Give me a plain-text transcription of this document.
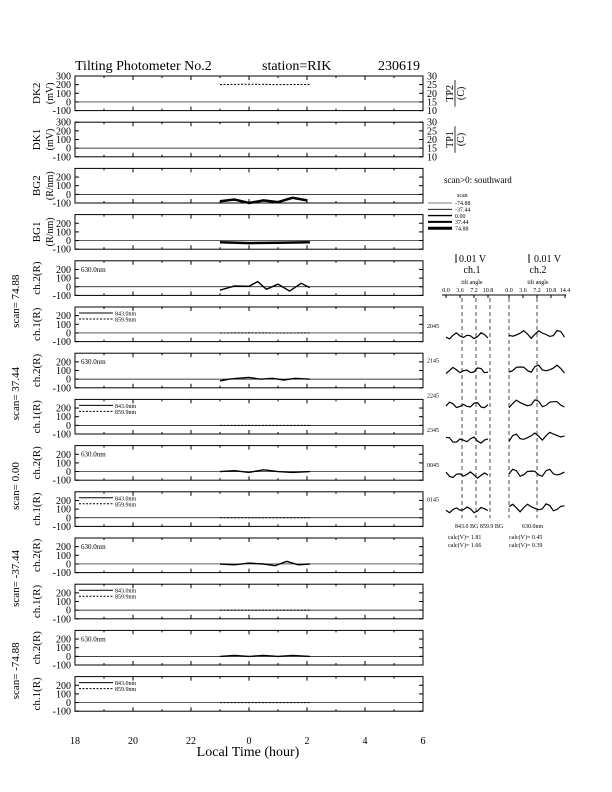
Tilting Photometer No.2	station=RIK	230619
18	20	22	0	2	4	6
Local Time (hour)
scan>0: southward
scan
-74.88
-37.44
0.00
37.44
74.88
0.01 V	0.01 V
ch.1	ch.2
tilt angle	tilt angle
0.0 3.6 7.2 10.8 0.0 3.6 7.2 10.8 14.4
2045
2145
2245
2345
0045
0145
843.0 BG 859.9 BG	630.0nm
calc(V)= 1.81
calc(V)= 1.66
calc(V)= 0.45
calc(V)= 0.39
-100
0
100
200
300
DK2 (mV)
10
15
20
25
30
TP2 (C)
-100
0
100
200
300
DK1 (mV)
10
15
20
25
30
TP1 (C)
-100
0
100
200
BG2 (R/nm)
-100
0
100
200
BG1 (R/nm)
-100
0
100
200
ch.2(R)	630.0nm
-100
0
100
200
ch.1(R)	843.0nm
859.9nm
scan= 74.88
-100
0
100
200
ch.2(R)	630.0nm
-100
0
100
200
ch.1(R)	843.0nm
859.9nm
scan= 37.44
-100
0
100
200
ch.2(R)	630.0nm
-100
0
100
200
ch.1(R)	843.0nm
859.9nm
scan= 0.00
-100
0
100
200
ch.2(R)	630.0nm
-100
0
100
200
ch.1(R)	843.0nm
859.9nm
scan= -37.44
-100
0
100
200
ch.2(R)	630.0nm
-100
0
100
200
ch.1(R)	843.0nm
859.9nm
scan= -74.88
